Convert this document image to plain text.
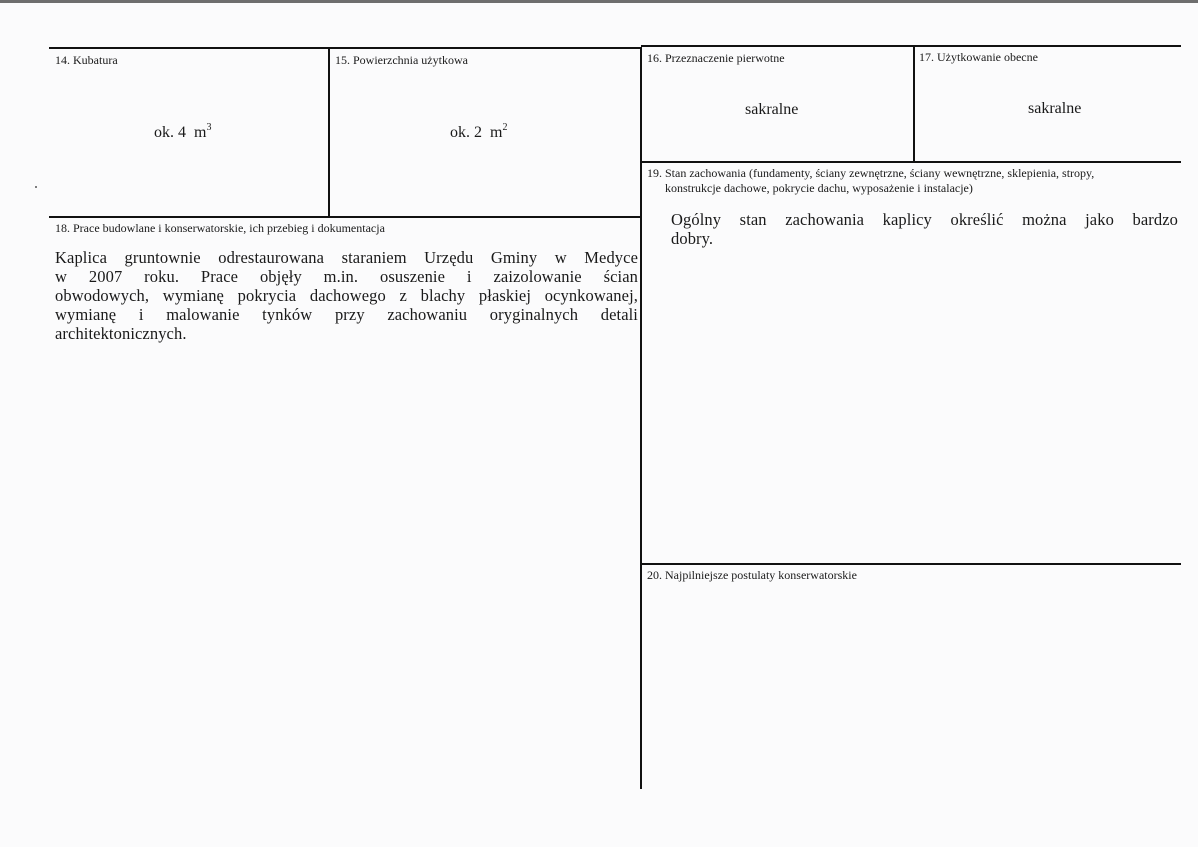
14. Kubatura
ok. 4 $m^3$
15. Powierzchnia użytkowa
ok. 2 $m^2$
16. Przeznaczenie pierwotne
sakralne
17. Użytkowanie obecne
sakralne
18. Prace budowlane i konserwatorskie, ich przebieg i dokumentacja
Kaplica gruntownie odrestaurowana staraniem Urzędu Gminy w Medyce
w 2007 roku. Prace objęły m.in. osuszenie i zaizolowanie ścian
obwodowych, wymianę pokrycia dachowego z blachy płaskiej ocynkowanej,
wymianę i malowanie tynków przy zachowaniu oryginalnych detali
architektonicznych.
19. Stan zachowania (fundamenty, ściany zewnętrzne, ściany wewnętrzne, sklepienia, stropy,
konstrukcje dachowe, pokrycie dachu, wyposażenie i instalacje)
Ogólny stan zachowania kaplicy określić można jako bardzo
dobry.
20. Najpilniejsze postulaty konserwatorskie
